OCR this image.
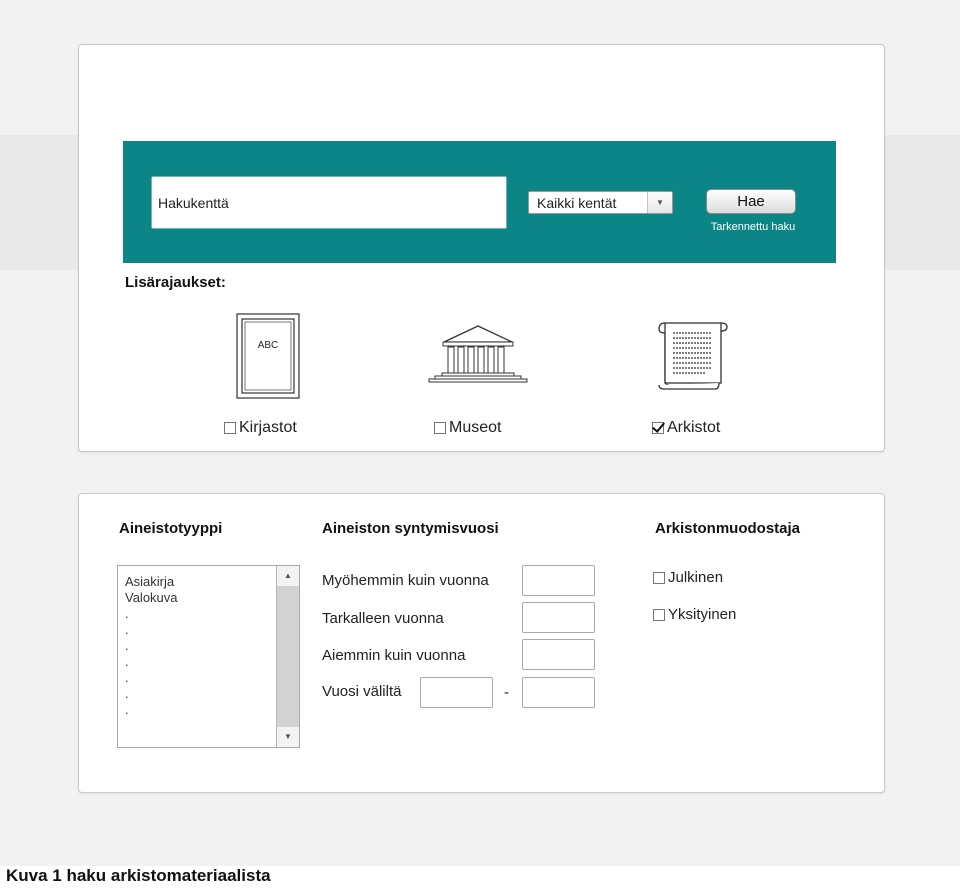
Hakukenttä	Kaikki kentät	▼	Hae
Tarkennettu haku
Lisärajaukset:
ABC
Kirjastot	Museot	Arkistot
Aineistotyyppi	Aineiston syntymisvuosi	Arkistonmuodostaja
Asiakirja
Valokuva
.
.
.
.
.
.
.
▲
▼
Myöhemmin kuin vuonna
Tarkalleen vuonna
Aiemmin kuin vuonna
Vuosi väliltä	-
Julkinen
Yksityinen
Kuva 1 haku arkistomateriaalista
